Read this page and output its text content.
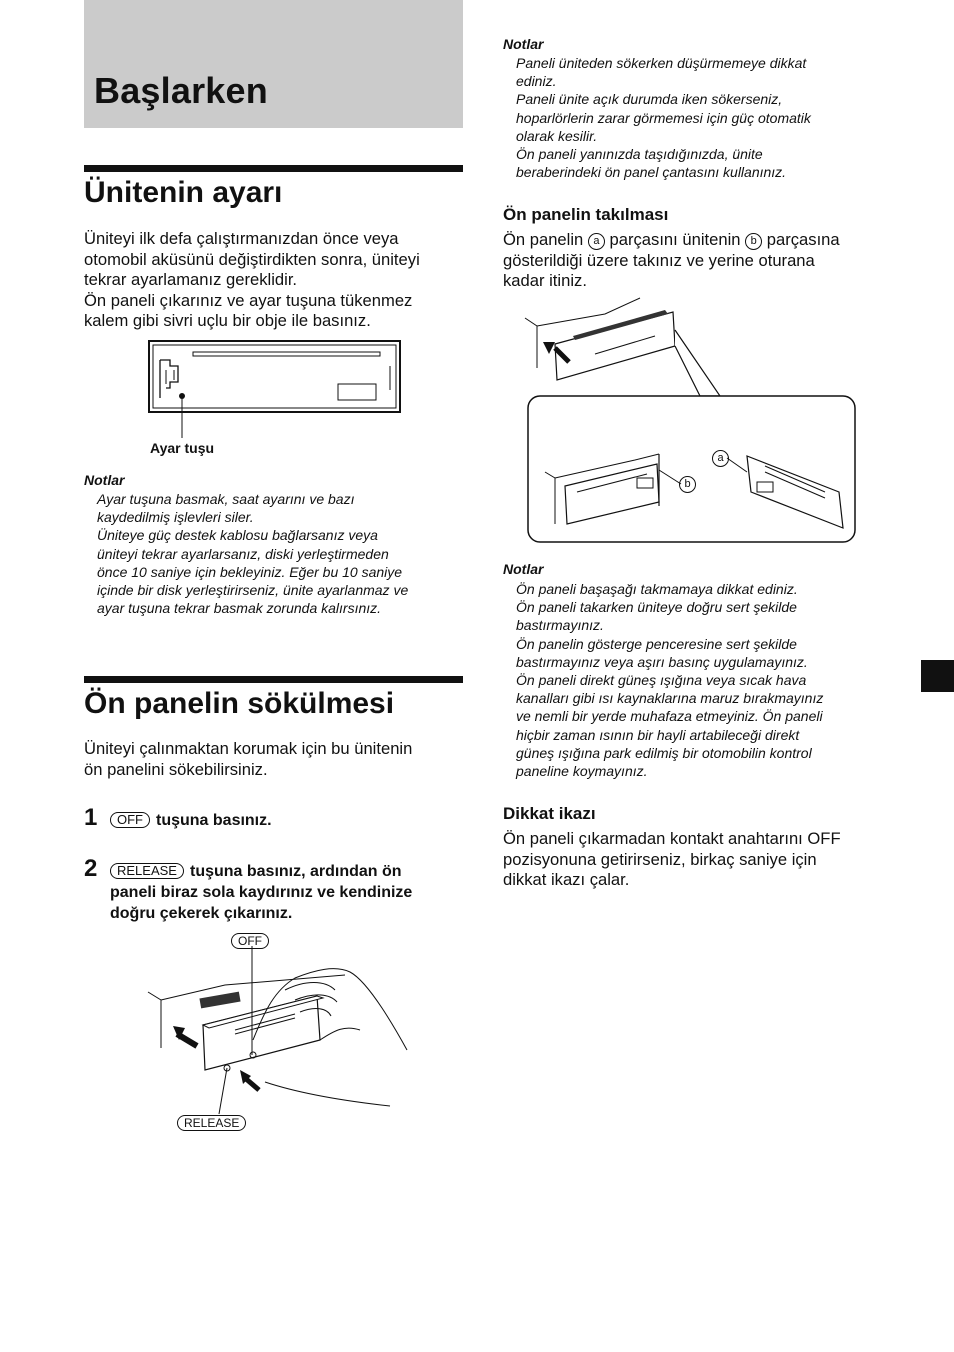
Başlarken
Ünitenin ayarı
Üniteyi ilk defa çalıştırmanızdan önce veya
otomobil aküsünü değiştirdikten sonra, üniteyi
tekrar ayarlamanız gereklidir.
Ön paneli çıkarınız ve ayar tuşuna tükenmez
kalem gibi sivri uçlu bir obje ile basınız.
Ayar tuşu
Notlar
Ayar tuşuna basmak, saat ayarını ve bazı
kaydedilmiş işlevleri siler.
Üniteye güç destek kablosu bağlarsanız veya
üniteyi tekrar ayarlarsanız, diski yerleştirmeden
önce 10 saniye için bekleyiniz. Eğer bu 10 saniye
içinde bir disk yerleştirirseniz, ünite ayarlanmaz ve
ayar tuşuna tekrar basmak zorunda kalırsınız.
Ön panelin sökülmesi
Üniteyi çalınmaktan korumak için bu ünitenin
ön panelini sökebilirsiniz.
1	OFF tuşuna basınız.
2	RELEASE tuşuna basınız, ardından ön
paneli biraz sola kaydırınız ve kendinize
doğru çekerek çıkarınız.
OFF
RELEASE
Notlar
Paneli üniteden sökerken düşürmemeye dikkat
ediniz.
Paneli ünite açık durumda iken sökerseniz,
hoparlörlerin zarar görmemesi için güç otomatik
olarak kesilir.
Ön paneli yanınızda taşıdığınızda, ünite
beraberindeki ön panel çantasını kullanınız.
Ön panelin takılması
Ön panelin a parçasını ünitenin b parçasına
gösterildiği üzere takınız ve yerine oturana
kadar itiniz.
a
b
Notlar
Ön paneli başaşağı takmamaya dikkat ediniz.
Ön paneli takarken üniteye doğru sert şekilde
bastırmayınız.
Ön panelin gösterge penceresine sert şekilde
bastırmayınız veya aşırı basınç uygulamayınız.
Ön paneli direkt güneş ışığına veya sıcak hava
kanalları gibi ısı kaynaklarına maruz bırakmayınız
ve nemli bir yerde muhafaza etmeyiniz. Ön paneli
hiçbir zaman ısının bir hayli artabileceği direkt
güneş ışığına park edilmiş bir otomobilin kontrol
paneline koymayınız.
Dikkat ikazı
Ön paneli çıkarmadan kontakt anahtarını OFF
pozisyonuna getirirseniz, birkaç saniye için
dikkat ikazı çalar.
